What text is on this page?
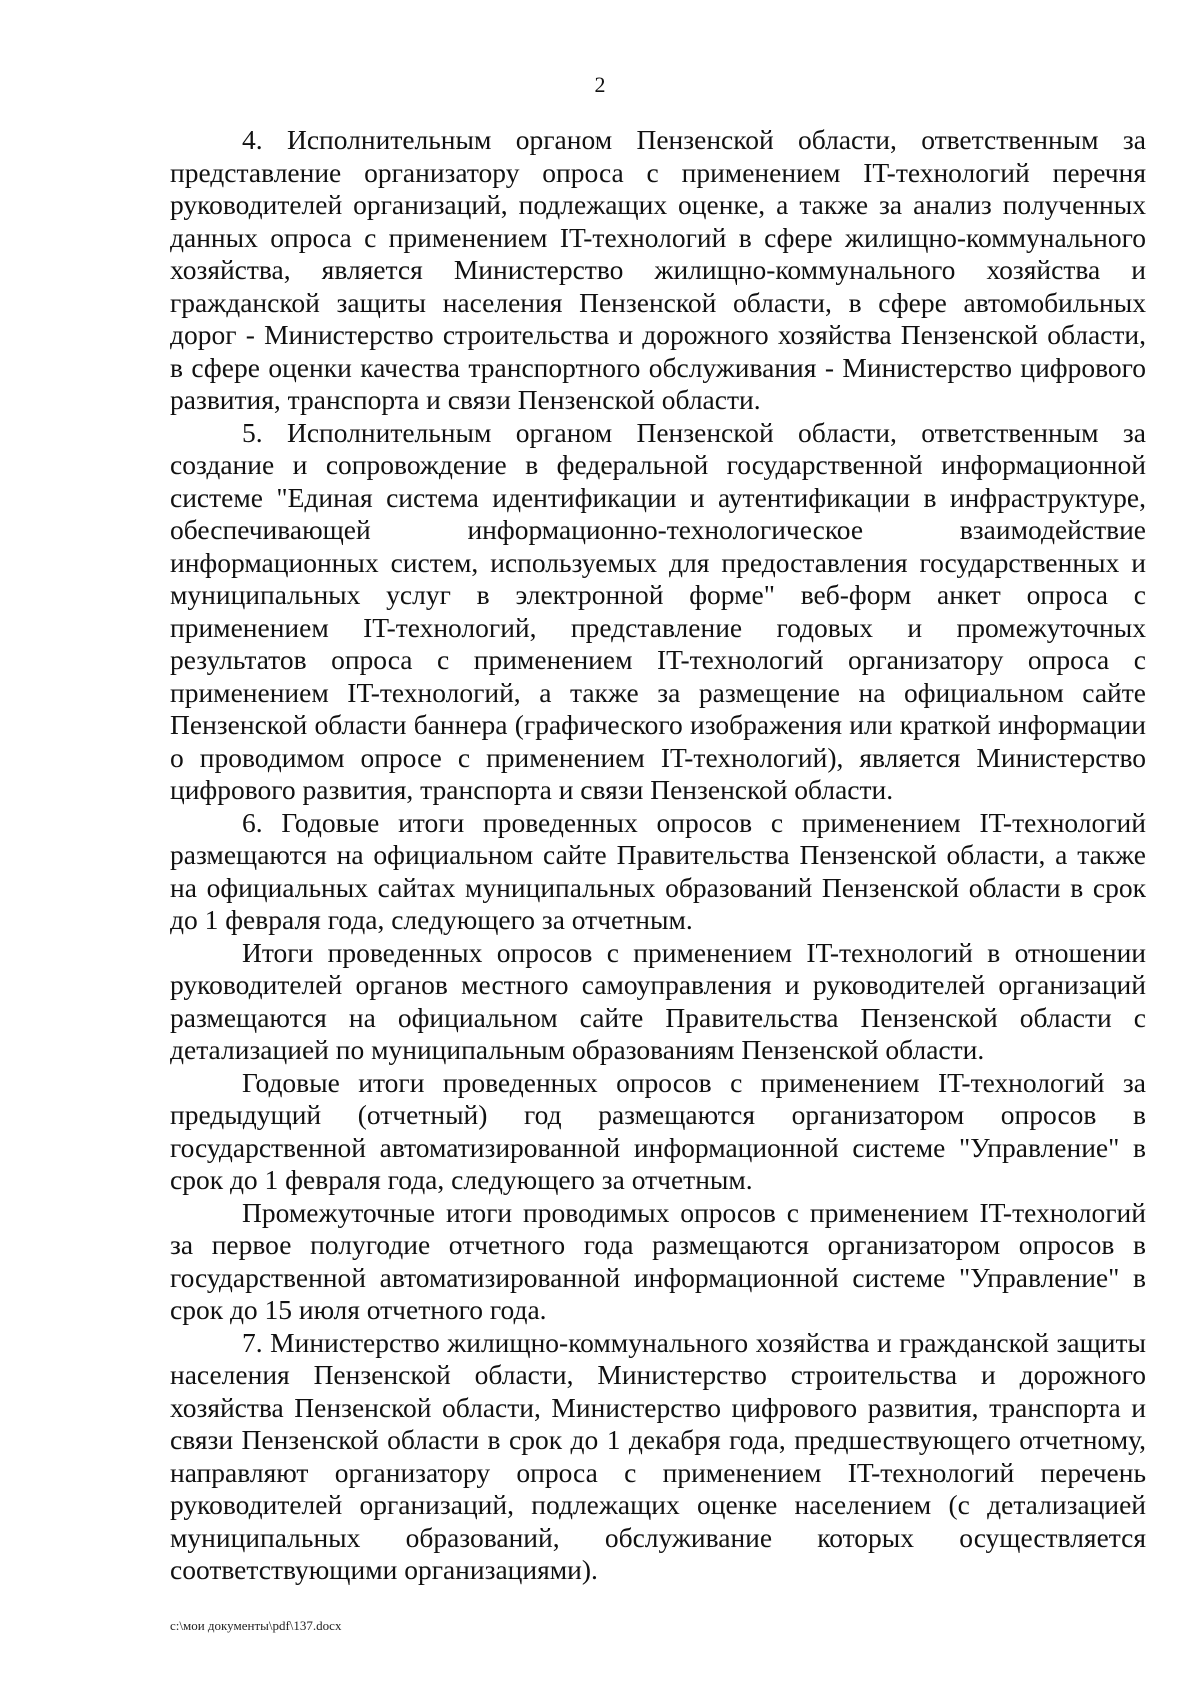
2

4. Исполнительным органом Пензенской области, ответственным за представление организатору опроса с применением IT-технологий перечня руководителей организаций, подлежащих оценке, а также за анализ полученных данных опроса с применением IT-технологий в сфере жилищно-коммунального хозяйства, является Министерство жилищно-коммунального хозяйства и гражданской защиты населения Пензенской области, в сфере автомобильных дорог - Министерство строительства и дорожного хозяйства Пензенской области, в сфере оценки качества транспортного обслуживания - Министерство цифрового развития, транспорта и связи Пензенской области.

5. Исполнительным органом Пензенской области, ответственным за создание и сопровождение в федеральной государственной информационной системе "Единая система идентификации и аутентификации в инфраструктуре, обеспечивающей информационно-технологическое взаимодействие информационных систем, используемых для предоставления государственных и муниципальных услуг в электронной форме" веб-форм анкет опроса с применением IT-технологий, представление годовых и промежуточных результатов опроса с применением IT-технологий организатору опроса с применением IT-технологий, а также за размещение на официальном сайте Пензенской области баннера (графического изображения или краткой информации о проводимом опросе с применением IT-технологий), является Министерство цифрового развития, транспорта и связи Пензенской области.

6. Годовые итоги проведенных опросов с применением IT-технологий размещаются на официальном сайте Правительства Пензенской области, а также на официальных сайтах муниципальных образований Пензенской области в срок до 1 февраля года, следующего за отчетным.

Итоги проведенных опросов с применением IT-технологий в отношении руководителей органов местного самоуправления и руководителей организаций размещаются на официальном сайте Правительства Пензенской области с детализацией по муниципальным образованиям Пензенской области.

Годовые итоги проведенных опросов с применением IT-технологий за предыдущий (отчетный) год размещаются организатором опросов в государственной автоматизированной информационной системе "Управление" в срок до 1 февраля года, следующего за отчетным.

Промежуточные итоги проводимых опросов с применением IT-технологий за первое полугодие отчетного года размещаются организатором опросов в государственной автоматизированной информационной системе "Управление" в срок до 15 июля отчетного года.

7. Министерство жилищно-коммунального хозяйства и гражданской защиты населения Пензенской области, Министерство строительства и дорожного хозяйства Пензенской области, Министерство цифрового развития, транспорта и связи Пензенской области в срок до 1 декабря года, предшествующего отчетному, направляют организатору опроса с применением IT-технологий перечень руководителей организаций, подлежащих оценке населением (с детализацией муниципальных образований, обслуживание которых осуществляется соответствующими организациями).

c:\мои документы\pdf\137.docx
